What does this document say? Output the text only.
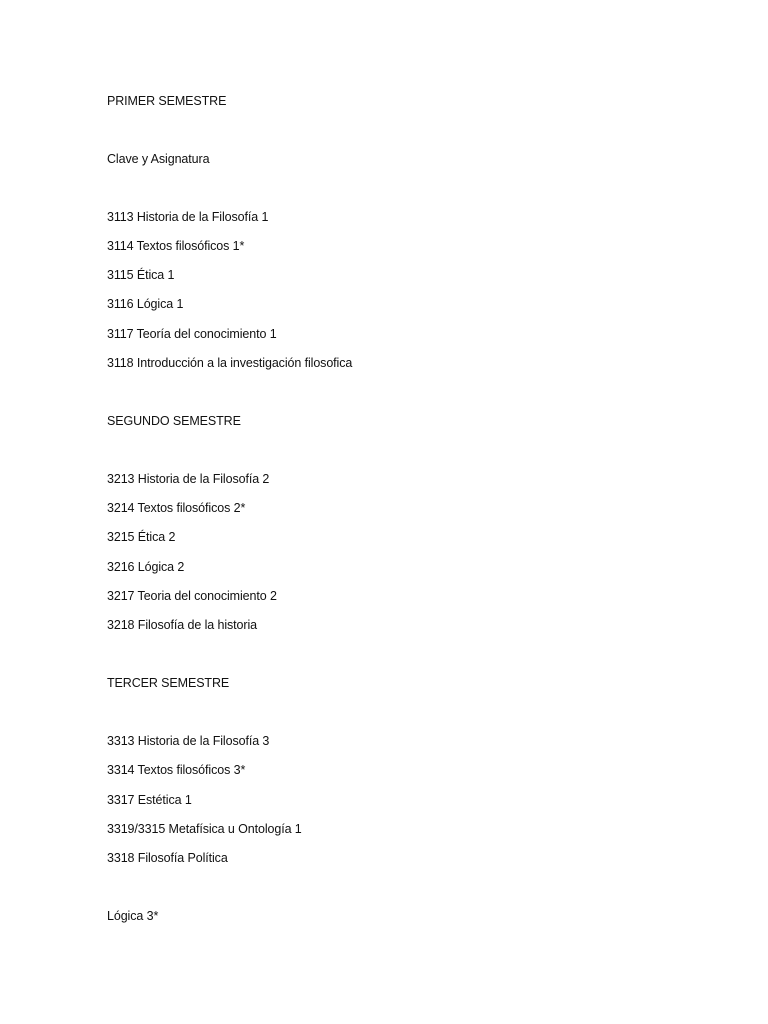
PRIMER SEMESTRE
Clave y Asignatura
3113 Historia de la Filosofía 1
3114 Textos filosóficos 1*
3115 Ética 1
3116 Lógica 1
3117 Teoría del conocimiento 1
3118 Introducción a la investigación filosofica
SEGUNDO SEMESTRE
3213 Historia de la Filosofía 2
3214 Textos filosóficos 2*
3215 Ética 2
3216 Lógica 2
3217 Teoria del conocimiento 2
3218 Filosofía de la historia
TERCER SEMESTRE
3313 Historia de la Filosofía 3
3314 Textos filosóficos 3*
3317 Estética 1
3319/3315 Metafísica u Ontología 1
3318 Filosofía Política
Lógica 3*
